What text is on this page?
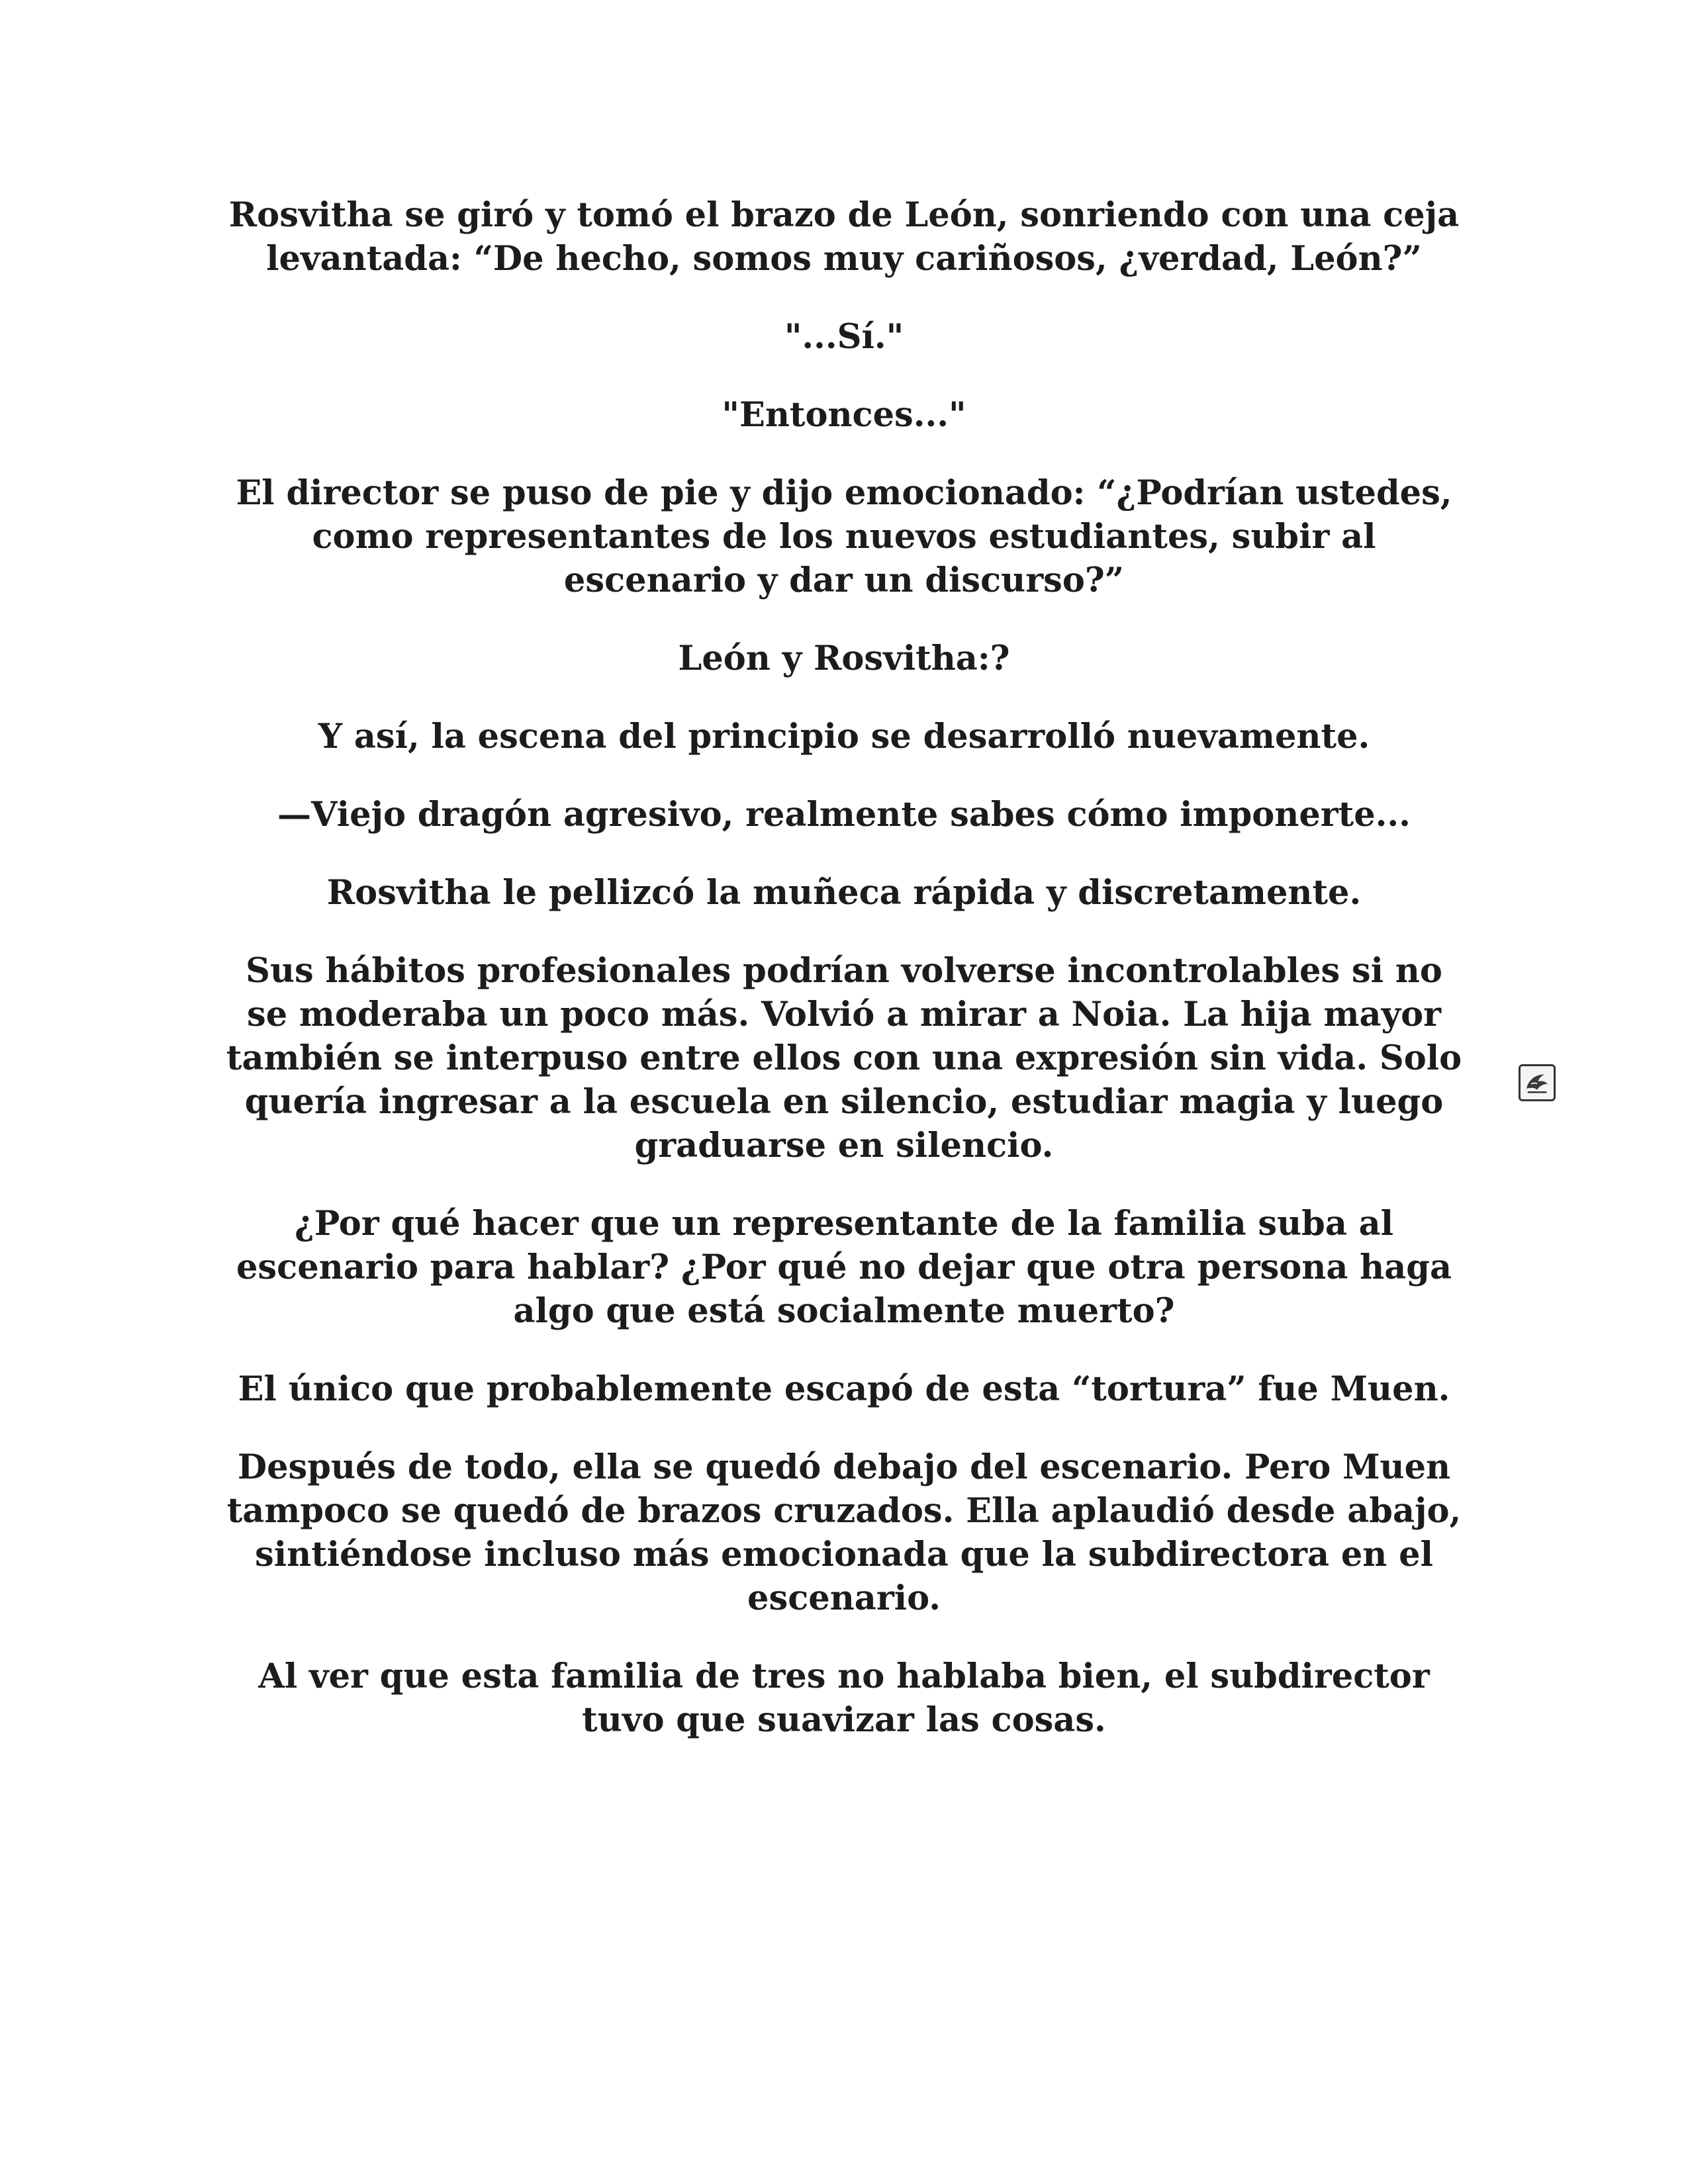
Rosvitha se giró y tomó el brazo de León, sonriendo con una ceja levantada: “De hecho, somos muy cariñosos, ¿verdad, León?”

"...Sí."

"Entonces..."

El director se puso de pie y dijo emocionado: “¿Podrían ustedes, como representantes de los nuevos estudiantes, subir al escenario y dar un discurso?”

León y Rosvitha:?

Y así, la escena del principio se desarrolló nuevamente.

—Viejo dragón agresivo, realmente sabes cómo imponerte...

Rosvitha le pellizcó la muñeca rápida y discretamente.

Sus hábitos profesionales podrían volverse incontrolables si no se moderaba un poco más. Volvió a mirar a Noia. La hija mayor también se interpuso entre ellos con una expresión sin vida. Solo quería ingresar a la escuela en silencio, estudiar magia y luego graduarse en silencio.

¿Por qué hacer que un representante de la familia suba al escenario para hablar? ¿Por qué no dejar que otra persona haga algo que está socialmente muerto?

El único que probablemente escapó de esta “tortura” fue Muen.

Después de todo, ella se quedó debajo del escenario. Pero Muen tampoco se quedó de brazos cruzados. Ella aplaudió desde abajo, sintiéndose incluso más emocionada que la subdirectora en el escenario.

Al ver que esta familia de tres no hablaba bien, el subdirector tuvo que suavizar las cosas.
